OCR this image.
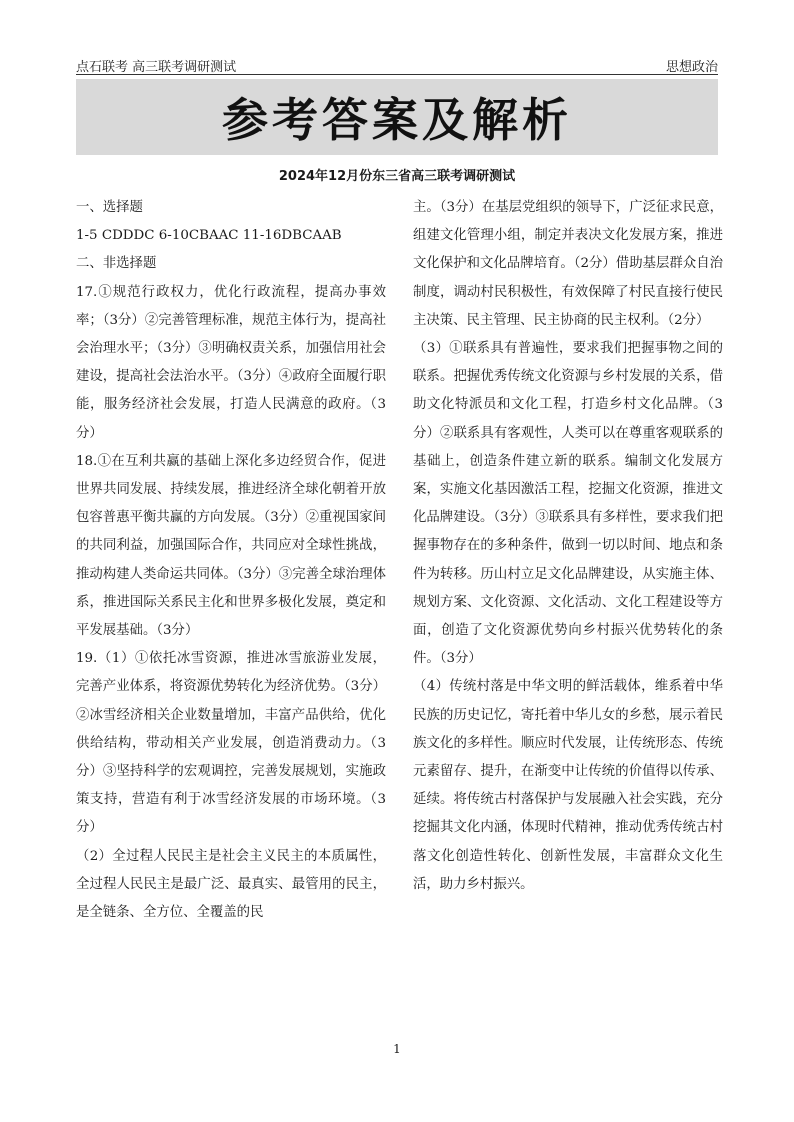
点石联考 高三联考调研测试	思想政治
参考答案及解析
2024年12月份东三省高三联考调研测试

一、选择题

1-5 CDDDC 6-10CBAAC 11-16DBCAAB

二、非选择题

17.①规范行政权力，优化行政流程，提高办事效率；（3分）②完善管理标准，规范主体行为，提高社会治理水平；（3分）③明确权责关系，加强信用社会建设，提高社会法治水平。（3分）④政府全面履行职能，服务经济社会发展，打造人民满意的政府。（3分）

18.①在互利共赢的基础上深化多边经贸合作，促进世界共同发展、持续发展，推进经济全球化朝着开放包容普惠平衡共赢的方向发展。（3分）②重视国家间的共同利益，加强国际合作，共同应对全球性挑战，推动构建人类命运共同体。（3分）③完善全球治理体系，推进国际关系民主化和世界多极化发展，奠定和平发展基础。（3分）

19.（1）①依托冰雪资源，推进冰雪旅游业发展，完善产业体系，将资源优势转化为经济优势。（3分）②冰雪经济相关企业数量增加，丰富产品供给，优化供给结构，带动相关产业发展，创造消费动力。（3分）③坚持科学的宏观调控，完善发展规划，实施政策支持，营造有利于冰雪经济发展的市场环境。（3分）

（2）全过程人民民主是社会主义民主的本质属性，全过程人民民主是最广泛、最真实、最管用的民主，是全链条、全方位、全覆盖的民

主。（3分）在基层党组织的领导下，广泛征求民意，组建文化管理小组，制定并表决文化发展方案，推进文化保护和文化品牌培育。（2分）借助基层群众自治制度，调动村民积极性，有效保障了村民直接行使民主决策、民主管理、民主协商的民主权利。（2分）

（3）①联系具有普遍性，要求我们把握事物之间的联系。把握优秀传统文化资源与乡村发展的关系，借助文化特派员和文化工程，打造乡村文化品牌。（3分）②联系具有客观性，人类可以在尊重客观联系的基础上，创造条件建立新的联系。编制文化发展方案，实施文化基因激活工程，挖掘文化资源，推进文化品牌建设。（3分）③联系具有多样性，要求我们把握事物存在的多种条件，做到一切以时间、地点和条件为转移。历山村立足文化品牌建设，从实施主体、规划方案、文化资源、文化活动、文化工程建设等方面，创造了文化资源优势向乡村振兴优势转化的条件。（3分）

（4）传统村落是中华文明的鲜活载体，维系着中华民族的历史记忆，寄托着中华儿女的乡愁，展示着民族文化的多样性。顺应时代发展，让传统形态、传统元素留存、提升，在渐变中让传统的价值得以传承、延续。将传统古村落保护与发展融入社会实践，充分挖掘其文化内涵，体现时代精神，推动优秀传统古村落文化创造性转化、创新性发展，丰富群众文化生活，助力乡村振兴。

1
